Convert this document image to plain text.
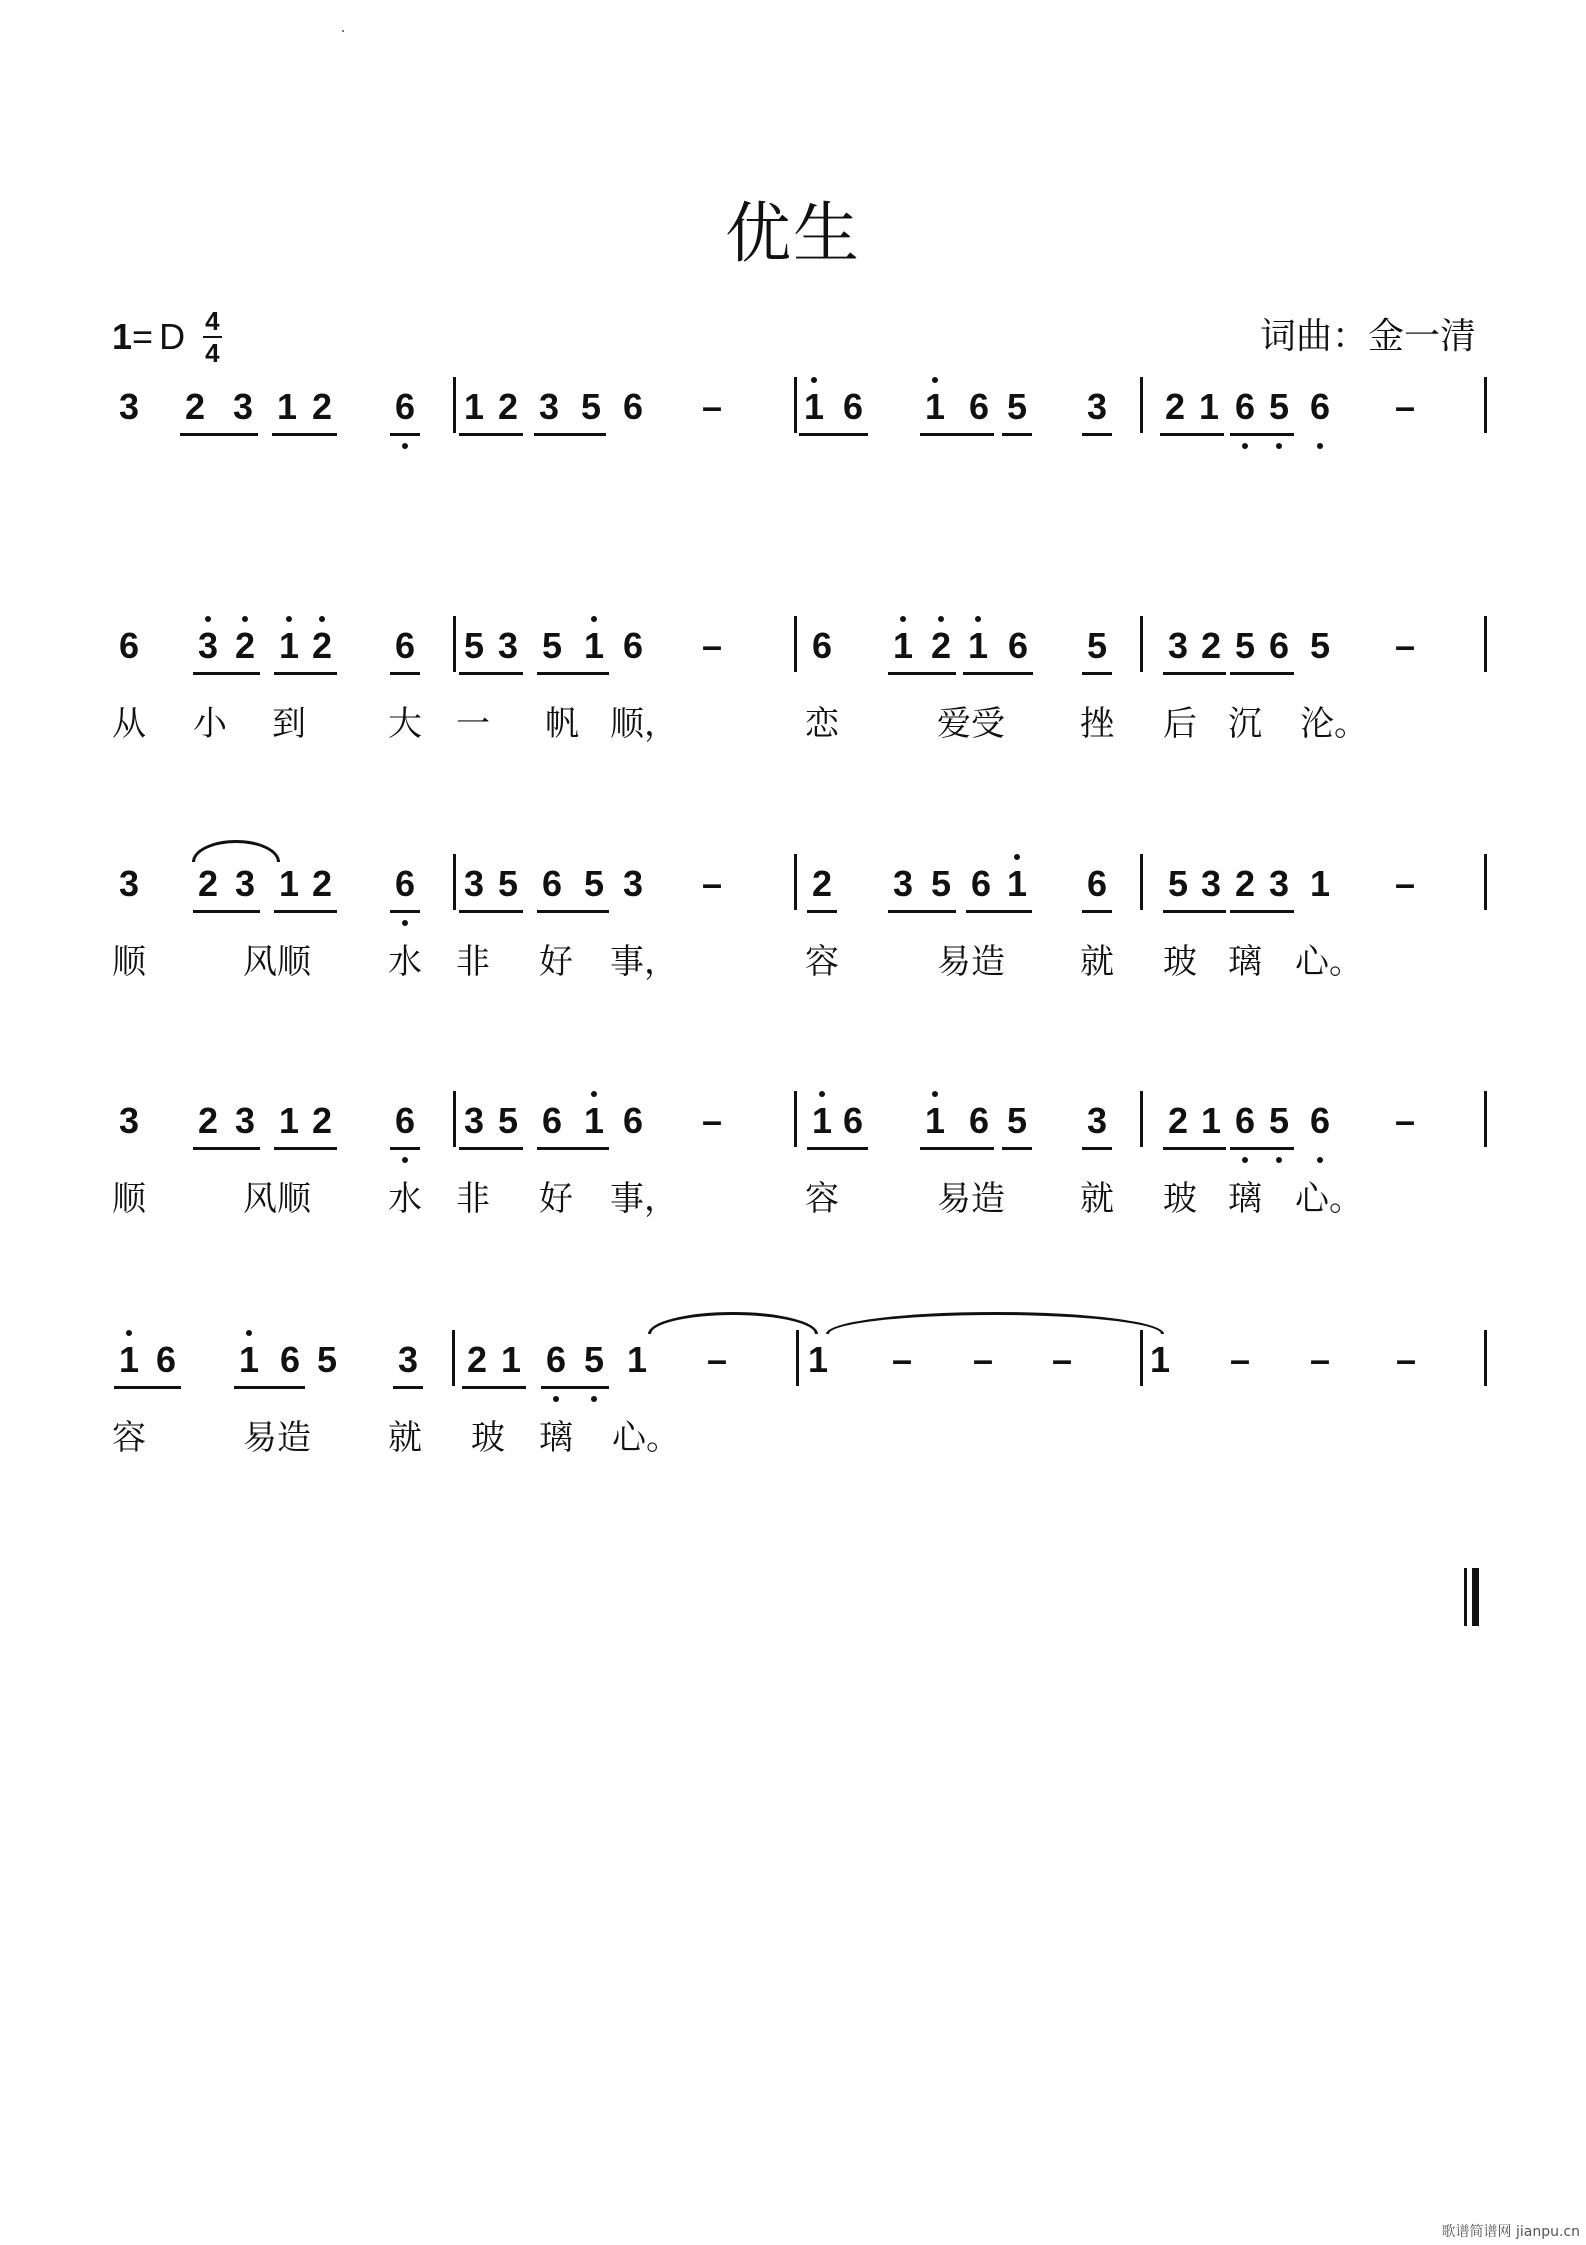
优生
1 = D 4
4	词曲：金一清
3 2 3 1 2 6 1 2 3 5 6 – 1 6 1 6 5 3 2 1 6 5 6 –
6 3 2 1 2 6 5 3 5 1 6 – 6 1 2 1 6 5 3 2 5 6 5 –
从 小 到 大 一 帆 顺，	恋	爱受 挫 后 沉 沦。
3 2 3 1 2 6 3 5 6 5 3 – 2 3 5 6 1 6 5 3 2 3 1 –
顺	风顺 水 非 好 事，	容	易造 就 玻 璃 心。
3 2 3 1 2 6 3 5 6 1 6 – 1 6 1 6 5 3 2 1 6 5 6 –
顺	风顺 水 非 好 事，	容	易造 就 玻 璃 心。
1 6 1 6 5 3 2 1 6 5 1 – 1 – – – 1 – – –
容	易造 就 玻 璃 心。
歌谱简谱网 jianpu.cn
